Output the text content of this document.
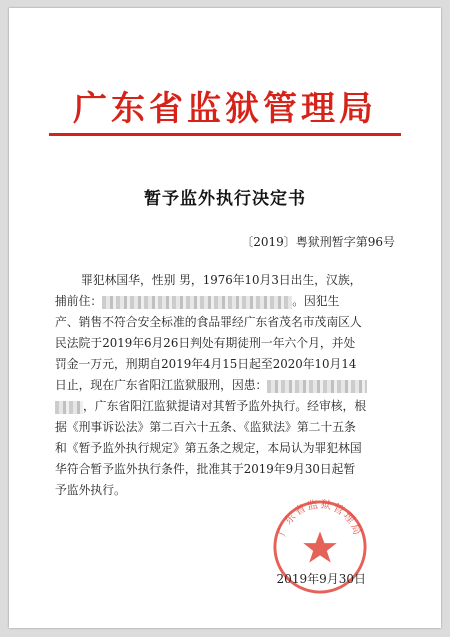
广东省监狱管理局
暂予监外执行决定书
〔2019〕粤狱刑暂字第96号
罪犯林国华，性别 男，1976年10月3日出生，汉族，
捕前住：	。因犯生
产、销售不符合安全标准的食品罪经广东省茂名市茂南区人
民法院于2019年6月26日判处有期徒刑一年六个月，并处
罚金一万元，刑期自2019年4月15日起至2020年10月14
日止，现在广东省阳江监狱服刑，因患：
，广东省阳江监狱提请对其暂予监外执行。经审核，根
据《刑事诉讼法》第二百六十五条、《监狱法》第二十五条
和《暂予监外执行规定》第五条之规定，本局认为罪犯林国
华符合暂予监外执行条件，批准其于2019年9月30日起暂
予监外执行。
广东省监狱管理局
2019年9月30日
